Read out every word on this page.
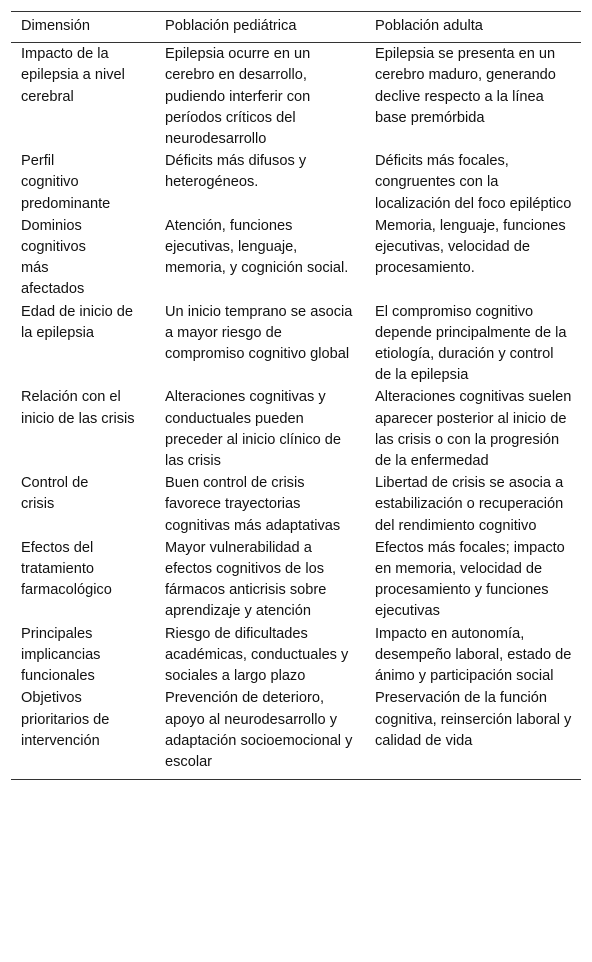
Dimensión	Población pediátrica	Población adulta
Impacto de la epilepsia a nivel cerebral	Epilepsia ocurre en un cerebro en desarrollo, pudiendo interferir con períodos críticos del neurodesarrollo	Epilepsia se presenta en un cerebro maduro, generando declive respecto a la línea base premórbida
Perfil cognitivo predominante	Déficits más difusos y heterogéneos.	Déficits más focales, congruentes con la localización del foco epiléptico
Dominios cognitivos más afectados	Atención, funciones ejecutivas, lenguaje, memoria, y cognición social.	Memoria, lenguaje, funciones ejecutivas, velocidad de procesamiento.
Edad de inicio de la epilepsia	Un inicio temprano se asocia a mayor riesgo de compromiso cognitivo global	El compromiso cognitivo depende principalmente de la etiología, duración y control de la epilepsia
Relación con el inicio de las crisis	Alteraciones cognitivas y conductuales pueden preceder al inicio clínico de las crisis	Alteraciones cognitivas suelen aparecer posterior al inicio de las crisis o con la progresión de la enfermedad
Control de crisis	Buen control de crisis favorece trayectorias cognitivas más adaptativas	Libertad de crisis se asocia a estabilización o recuperación del rendimiento cognitivo
Efectos del tratamiento farmacológico	Mayor vulnerabilidad a efectos cognitivos de los fármacos anticrisis sobre aprendizaje y atención	Efectos más focales; impacto en memoria, velocidad de procesamiento y funciones ejecutivas
Principales implicancias funcionales	Riesgo de dificultades académicas, conductuales y sociales a largo plazo	Impacto en autonomía, desempeño laboral, estado de ánimo y participación social
Objetivos prioritarios de intervención	Prevención de deterioro, apoyo al neurodesarrollo y adaptación socioemocional y escolar	Preservación de la función cognitiva, reinserción laboral y calidad de vida
